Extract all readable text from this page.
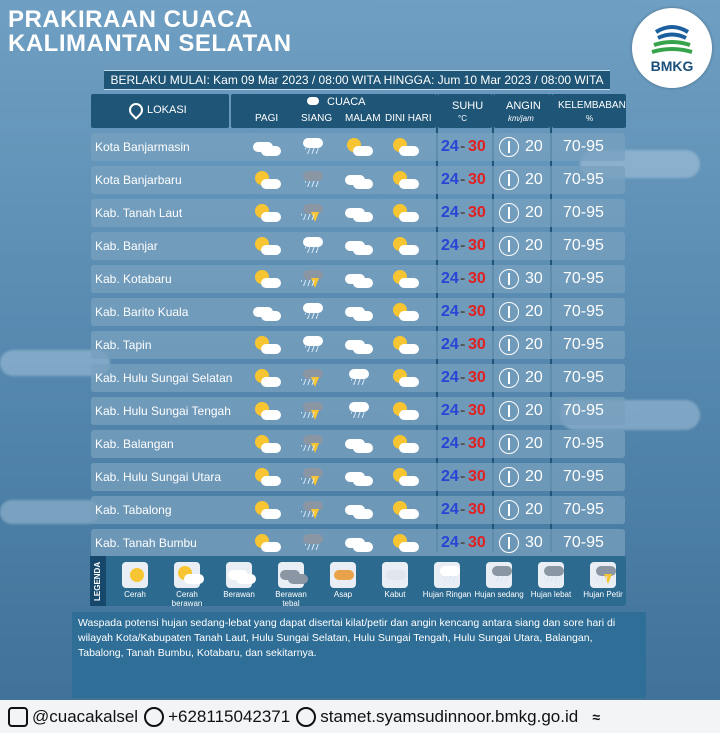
PRAKIRAAN CUACA
KALIMANTAN SELATAN
BMKG
BERLAKU MULAI: Kam 09 Mar 2023 / 08:00 WITA HINGGA: Jum 10 Mar 2023 / 08:00 WITA
LOKASI
CUACA
PAGI SIANG MALAM DINI HARI
SUHU
°C
ANGIN
km/jam
KELEMBABAN
%
Kota Banjarmasin	24 - 30 20 70-95
Kota Banjarbaru	24 - 30 20 70-95
Kab. Tanah Laut	24 - 30 20 70-95
Kab. Banjar	24 - 30 20 70-95
Kab. Kotabaru	24 - 30 30 70-95
Kab. Barito Kuala	24 - 30 20 70-95
Kab. Tapin	24 - 30 20 70-95
Kab. Hulu Sungai Selatan	24 - 30 20 70-95
Kab. Hulu Sungai Tengah	24 - 30 20 70-95
Kab. Balangan	24 - 30 20 70-95
Kab. Hulu Sungai Utara	24 - 30 20 70-95
Kab. Tabalong	24 - 30 20 70-95
Kab. Tanah Bumbu	24 - 30 30 70-95
LEGENDA	Cerah	Cerah berawan
Berawan	Berawan tebal
Asap	Kabut	Hujan Ringan Hujan sedang Hujan lebat	Hujan Petir
Waspada potensi hujan sedang-lebat yang dapat disertai kilat/petir dan angin kencang antara siang dan sore hari di wilayah Kota/Kabupaten Tanah Laut, Hulu Sungai Selatan, Hulu Sungai Tengah, Hulu Sungai Utara, Balangan, Tabalong, Tanah Bumbu, Kotabaru, dan sekitarnya.
@cuacakalsel +628115042371 stamet.syamsudinnoor.bmkg.go.id ≈
